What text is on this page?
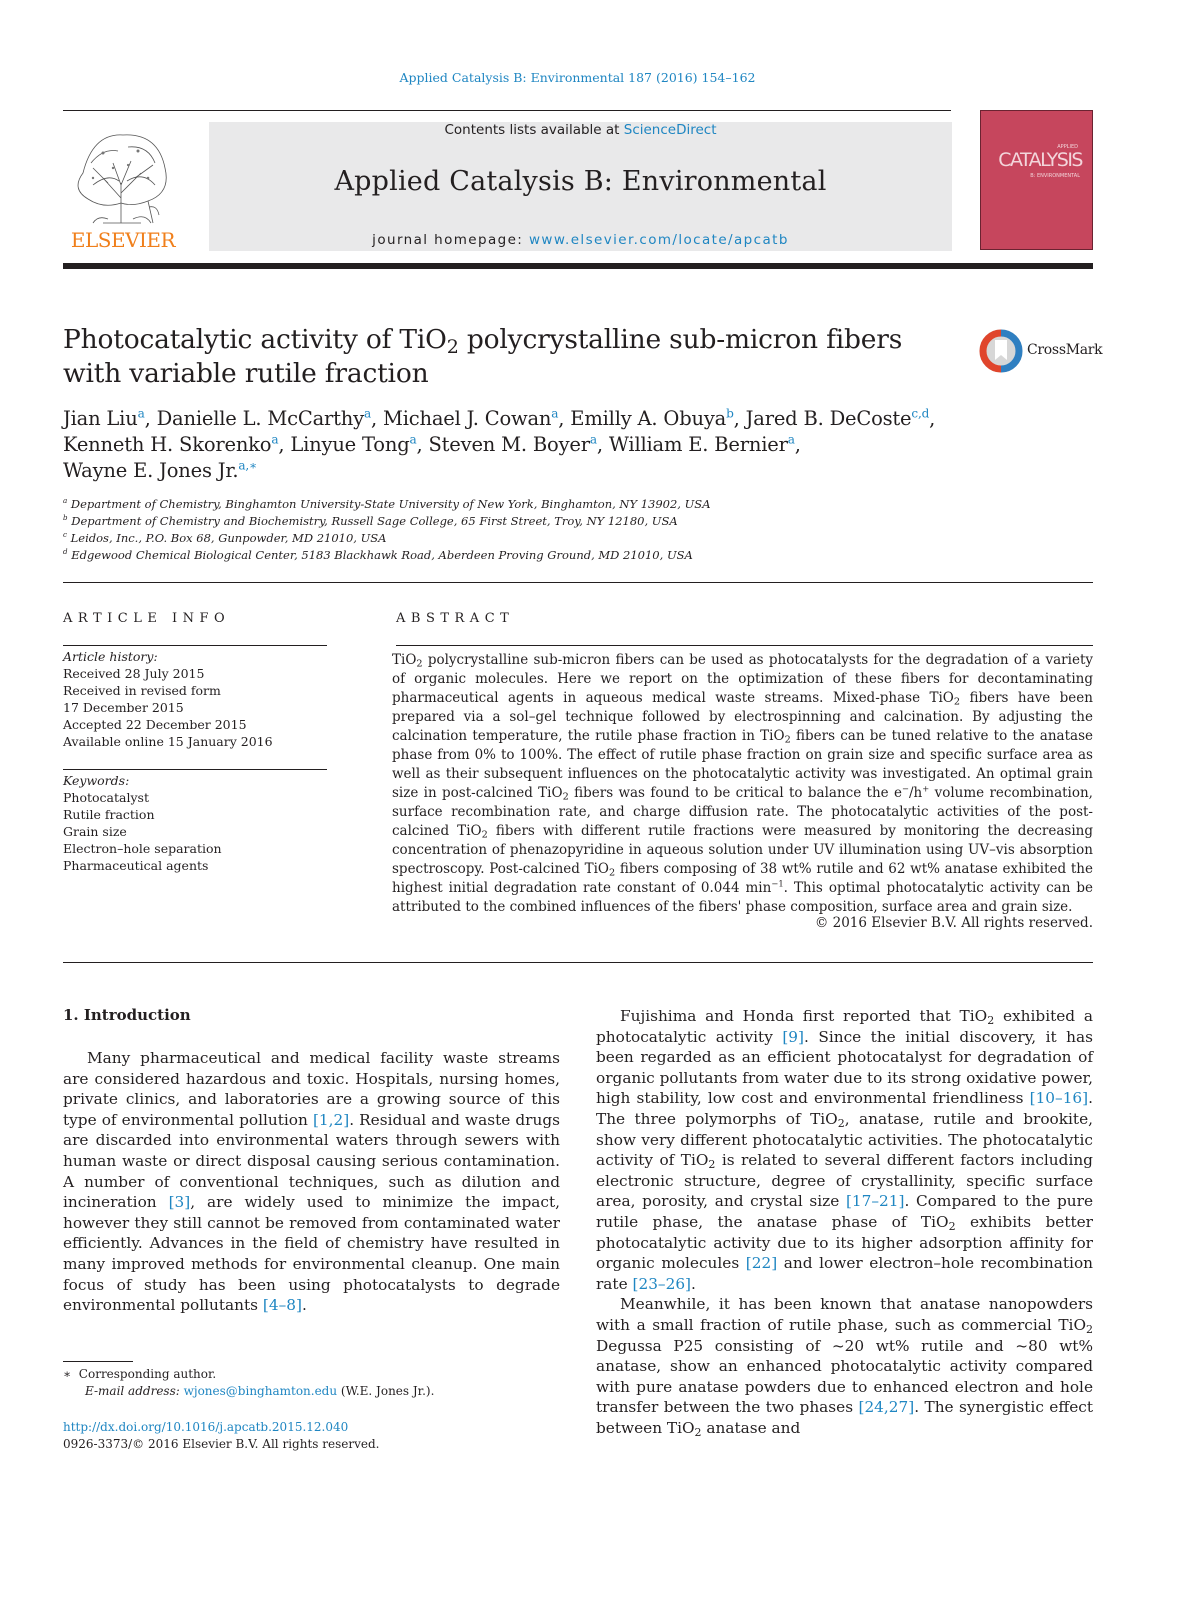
Applied Catalysis B: Environmental 187 (2016) 154–162
ELSEVIER
Contents lists available at ScienceDirect
Applied Catalysis B: Environmental
journal homepage: www.elsevier.com/locate/apcatb
APPLIED
CATALYSIS
B: ENVIRONMENTAL
Photocatalytic activity of TiO$_2$ polycrystalline sub-micron fibers with variable rutile fraction
CrossMark
Jian Liu$^a$, Danielle L. McCarthy$^a$, Michael J. Cowan$^a$, Emilly A. Obuya$^b$, Jared B. DeCoste$^{c,d}$,
Kenneth H. Skorenko$^a$, Linyue Tong$^a$, Steven M. Boyer$^a$, William E. Bernier$^a$,
Wayne E. Jones Jr.$^{a,∗}$
$^a$ Department of Chemistry, Binghamton University-State University of New York, Binghamton, NY 13902, USA
$^b$ Department of Chemistry and Biochemistry, Russell Sage College, 65 First Street, Troy, NY 12180, USA
$^c$ Leidos, Inc., P.O. Box 68, Gunpowder, MD 21010, USA
$^d$ Edgewood Chemical Biological Center, 5183 Blackhawk Road, Aberdeen Proving Ground, MD 21010, USA
ARTICLE INFO	ABSTRACT
Article history:
Received 28 July 2015
Received in revised form
17 December 2015
Accepted 22 December 2015
Available online 15 January 2016
Keywords:
Photocatalyst
Rutile fraction
Grain size
Electron–hole separation
Pharmaceutical agents
TiO$_2$ polycrystalline sub-micron fibers can be used as photocatalysts for the degradation of a variety of organic molecules. Here we report on the optimization of these fibers for decontaminating pharmaceutical agents in aqueous medical waste streams. Mixed-phase TiO$_2$ fibers have been prepared via a sol–gel technique followed by electrospinning and calcination. By adjusting the calcination temperature, the rutile phase fraction in TiO$_2$ fibers can be tuned relative to the anatase phase from 0% to 100%. The effect of rutile phase fraction on grain size and specific surface area as well as their subsequent influences on the photocatalytic activity was investigated. An optimal grain size in post-calcined TiO$_2$ fibers was found to be critical to balance the e−/h+ volume recombination, surface recombination rate, and charge diffusion rate. The photocatalytic activities of the post-calcined TiO$_2$ fibers with different rutile fractions were measured by monitoring the decreasing concentration of phenazopyridine in aqueous solution under UV illumination using UV–vis absorption spectroscopy. Post-calcined TiO$_2$ fibers composing of 38 wt% rutile and 62 wt% anatase exhibited the highest initial degradation rate constant of 0.044 $\min^{-1}$. This optimal photocatalytic activity can be attributed to the combined influences of the fibers' phase composition, surface area and grain size.
© 2016 Elsevier B.V. All rights reserved.
1. Introduction

Many pharmaceutical and medical facility waste streams are considered hazardous and toxic. Hospitals, nursing homes, private clinics, and laboratories are a growing source of this type of environmental pollution [1,2]. Residual and waste drugs are discarded into environmental waters through sewers with human waste or direct disposal causing serious contamination. A number of conventional techniques, such as dilution and incineration [3], are widely used to minimize the impact, however they still cannot be removed from contaminated water efficiently. Advances in the field of chemistry have resulted in many improved methods for environmental cleanup. One main focus of study has been using photocatalysts to degrade environmental pollutants [4–8].

Fujishima and Honda first reported that TiO$_2$ exhibited a photocatalytic activity [9]. Since the initial discovery, it has been regarded as an efficient photocatalyst for degradation of organic pollutants from water due to its strong oxidative power, high stability, low cost and environmental friendliness [10–16]. The three polymorphs of TiO$_2$, anatase, rutile and brookite, show very different photocatalytic activities. The photocatalytic activity of TiO$_2$ is related to several different factors including electronic structure, degree of crystallinity, specific surface area, porosity, and crystal size [17–21]. Compared to the pure rutile phase, the anatase phase of TiO$_2$ exhibits better photocatalytic activity due to its higher adsorption affinity for organic molecules [22] and lower electron–hole recombination rate [23–26].

Meanwhile, it has been known that anatase nanopowders with a small fraction of rutile phase, such as commercial TiO$_2$ Degussa P25 consisting of ~20 wt% rutile and ~80 wt% anatase, show an enhanced photocatalytic activity compared with pure anatase powders due to enhanced electron and hole transfer between the two phases [24,27]. The synergistic effect between TiO$_2$ anatase and

∗ Corresponding author.
E-mail address: wjones@binghamton.edu (W.E. Jones Jr.).
http://dx.doi.org/10.1016/j.apcatb.2015.12.040
0926-3373/© 2016 Elsevier B.V. All rights reserved.
